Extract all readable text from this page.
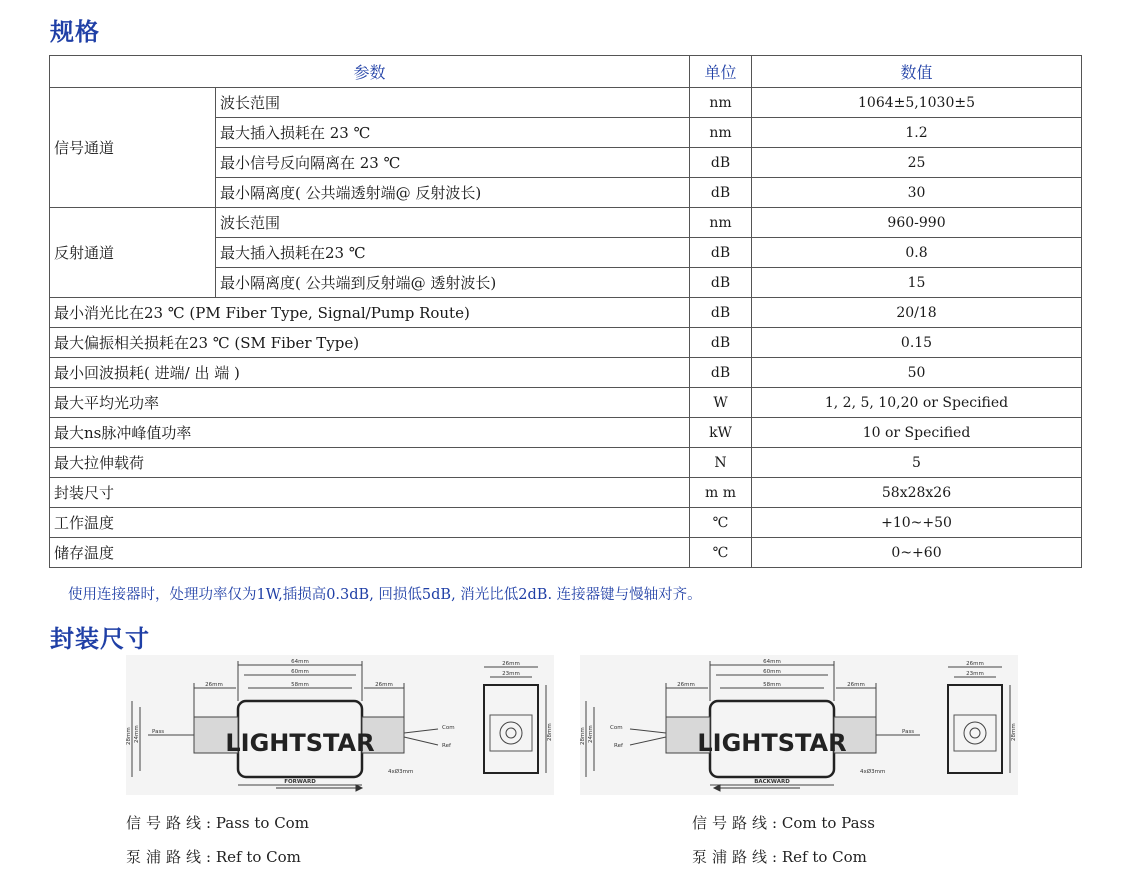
规格
参数		单位	数值
信号通道	波长范围	nm	1064±5,1030±5
	最大插入损耗在 23 ℃	nm	1.2
	最小信号反向隔离在 23 ℃	dB	25
	最小隔离度( 公共端透射端@ 反射波长)	dB	30
反射通道	波长范围	nm	960-990
	最大插入损耗在23 ℃	dB	0.8
	最小隔离度( 公共端到反射端@ 透射波长)	dB	15
最小消光比在23 ℃ (PM Fiber Type, Signal/Pump Route)		dB	20/18
最大偏振相关损耗在23 ℃ (SM Fiber Type)		dB	0.15
最小回波损耗( 进端/ 出 端 )		dB	50
最大平均光功率		W	1, 2, 5, 10,20 or Specified
最大ns脉冲峰值功率		kW	10 or Specified
最大拉伸载荷		N	5
封装尺寸		m m	58x28x26
工作温度		℃	+10~+50
储存温度		℃	0~+60

使用连接器时，处理功率仅为1W,插损高0.3dB, 回损低5dB, 消光比低2dB. 连接器键与慢轴对齐。

封装尺寸
LIGHTSTAR
64mm
60mm
58mm
26mm	26mm
Pass
Com
Ref
4xØ3mm
FORWARD
28mm 24mm
26mm
23mm
28mm	LIGHTSTAR
64mm
60mm
58mm
26mm	26mm
Com
Ref
Pass
4xØ3mm
BACKWARD
28mm 24mm
26mm
23mm
28mm

信号路线: Pass to Com

泵浦路线: Ref to Com

信号路线: Com to Pass

泵浦路线: Ref to Com
